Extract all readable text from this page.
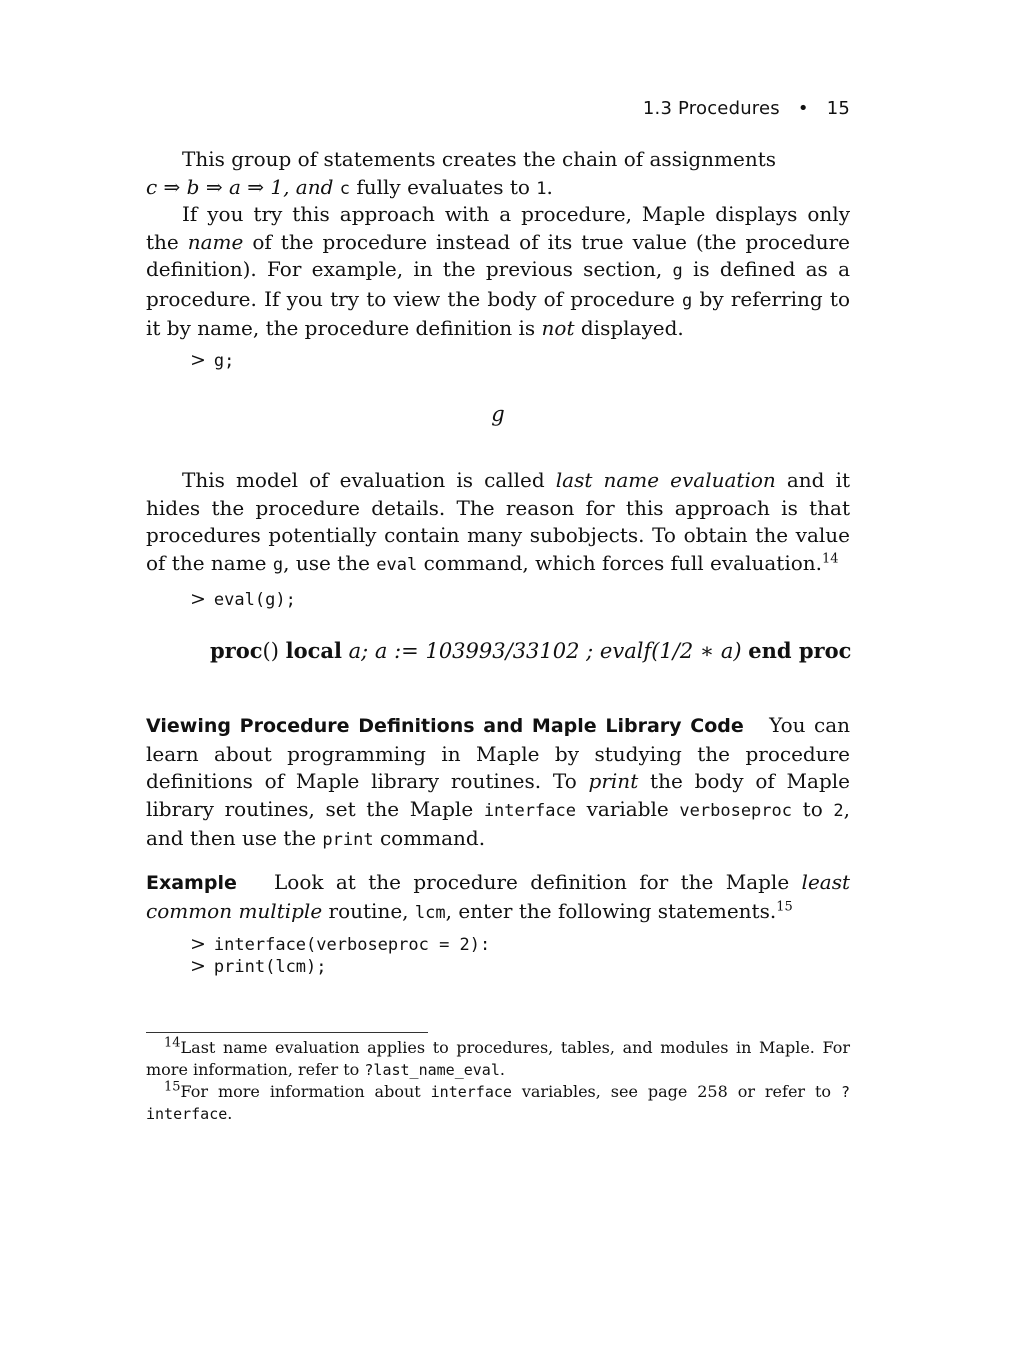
1.3 Procedures • 15
This group of statements creates the chain of assignments
c ⇒ b ⇒ a ⇒ 1, and c fully evaluates to 1.
If you try this approach with a procedure, Maple displays only the name of the procedure instead of its true value (the procedure definition). For example, in the previous section, g is defined as a procedure. If you try to view the body of procedure g by referring to it by name, the procedure definition is not displayed.
> g;
g
This model of evaluation is called last name evaluation and it hides the procedure details. The reason for this approach is that procedures potentially contain many subobjects. To obtain the value of the name g, use the eval command, which forces full evaluation.$^{14}$
> eval(g);
proc() local a; a := 103993/33102 ; evalf(1/2 ∗ a) end proc
Viewing Procedure Definitions and Maple Library Code You can learn about programming in Maple by studying the procedure definitions of Maple library routines. To print the body of Maple library routines, set the Maple interface variable verboseproc to 2, and then use the print command.
Example Look at the procedure definition for the Maple least common multiple routine, lcm, enter the following statements.$^{15}$
> interface(verboseproc = 2):
> print(lcm);
$^{14}$Last name evaluation applies to procedures, tables, and modules in Maple. For more information, refer to ?last_name_eval.
$^{15}$For more information about interface variables, see page 258 or refer to ?interface.
